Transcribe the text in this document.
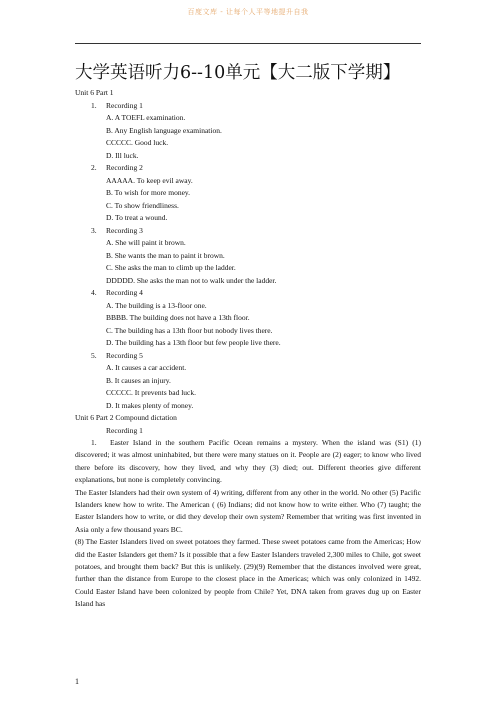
百度文库 - 让每个人平等地提升自我
大学英语听力6--10单元【大二版下学期】
Unit 6 Part 1
1. Recording 1
A. A TOEFL examination.
B. Any English language examination.
CCCCC. Good luck.
D. Ill luck.
2. Recording 2
AAAAA. To keep evil away.
B. To wish for more money.
C. To show friendliness.
D. To treat a wound.
3. Recording 3
A. She will paint it brown.
B. She wants the man to paint it brown.
C. She asks the man to climb up the ladder.
DDDDD. She asks the man not to walk under the ladder.
4. Recording 4
A. The building is a 13-floor one.
BBBB. The building does not have a 13th floor.
C. The building has a 13th floor but nobody lives there.
D. The building has a 13th floor but few people live there.
5. Recording 5
A. It causes a car accident.
B. It causes an injury.
CCCCC. It prevents bad luck.
D. It makes plenty of money.
Unit 6 Part 2 Compound dictation
Recording 1

1. Easter Island in the southern Pacific Ocean remains a mystery. When the island was (S1) (1) discovered; it was almost uninhabited, but there were many statues on it. People are (2) eager; to know who lived there before its discovery, how they lived, and why they (3) died; out. Different theories give different explanations, but none is completely convincing.

The Easter Islanders had their own system of 4) writing, different from any other in the world. No other (5) Pacific Islanders knew how to write. The American ( (6) Indians; did not know how to write either. Who (7) taught; the Easter Islanders how to write, or did they develop their own system? Remember that writing was first invented in Asia only a few thousand years BC.

(8) The Easter Islanders lived on sweet potatoes they farmed. These sweet potatoes came from the Americas; How did the Easter Islanders get them? Is it possible that a few Easter Islanders traveled 2,300 miles to Chile, got sweet potatoes, and brought them back? But this is unlikely. (29)(9) Remember that the distances involved were great, further than the distance from Europe to the closest place in the Americas; which was only colonized in 1492. Could Easter Island have been colonized by people from Chile? Yet, DNA taken from graves dug up on Easter Island has

1
